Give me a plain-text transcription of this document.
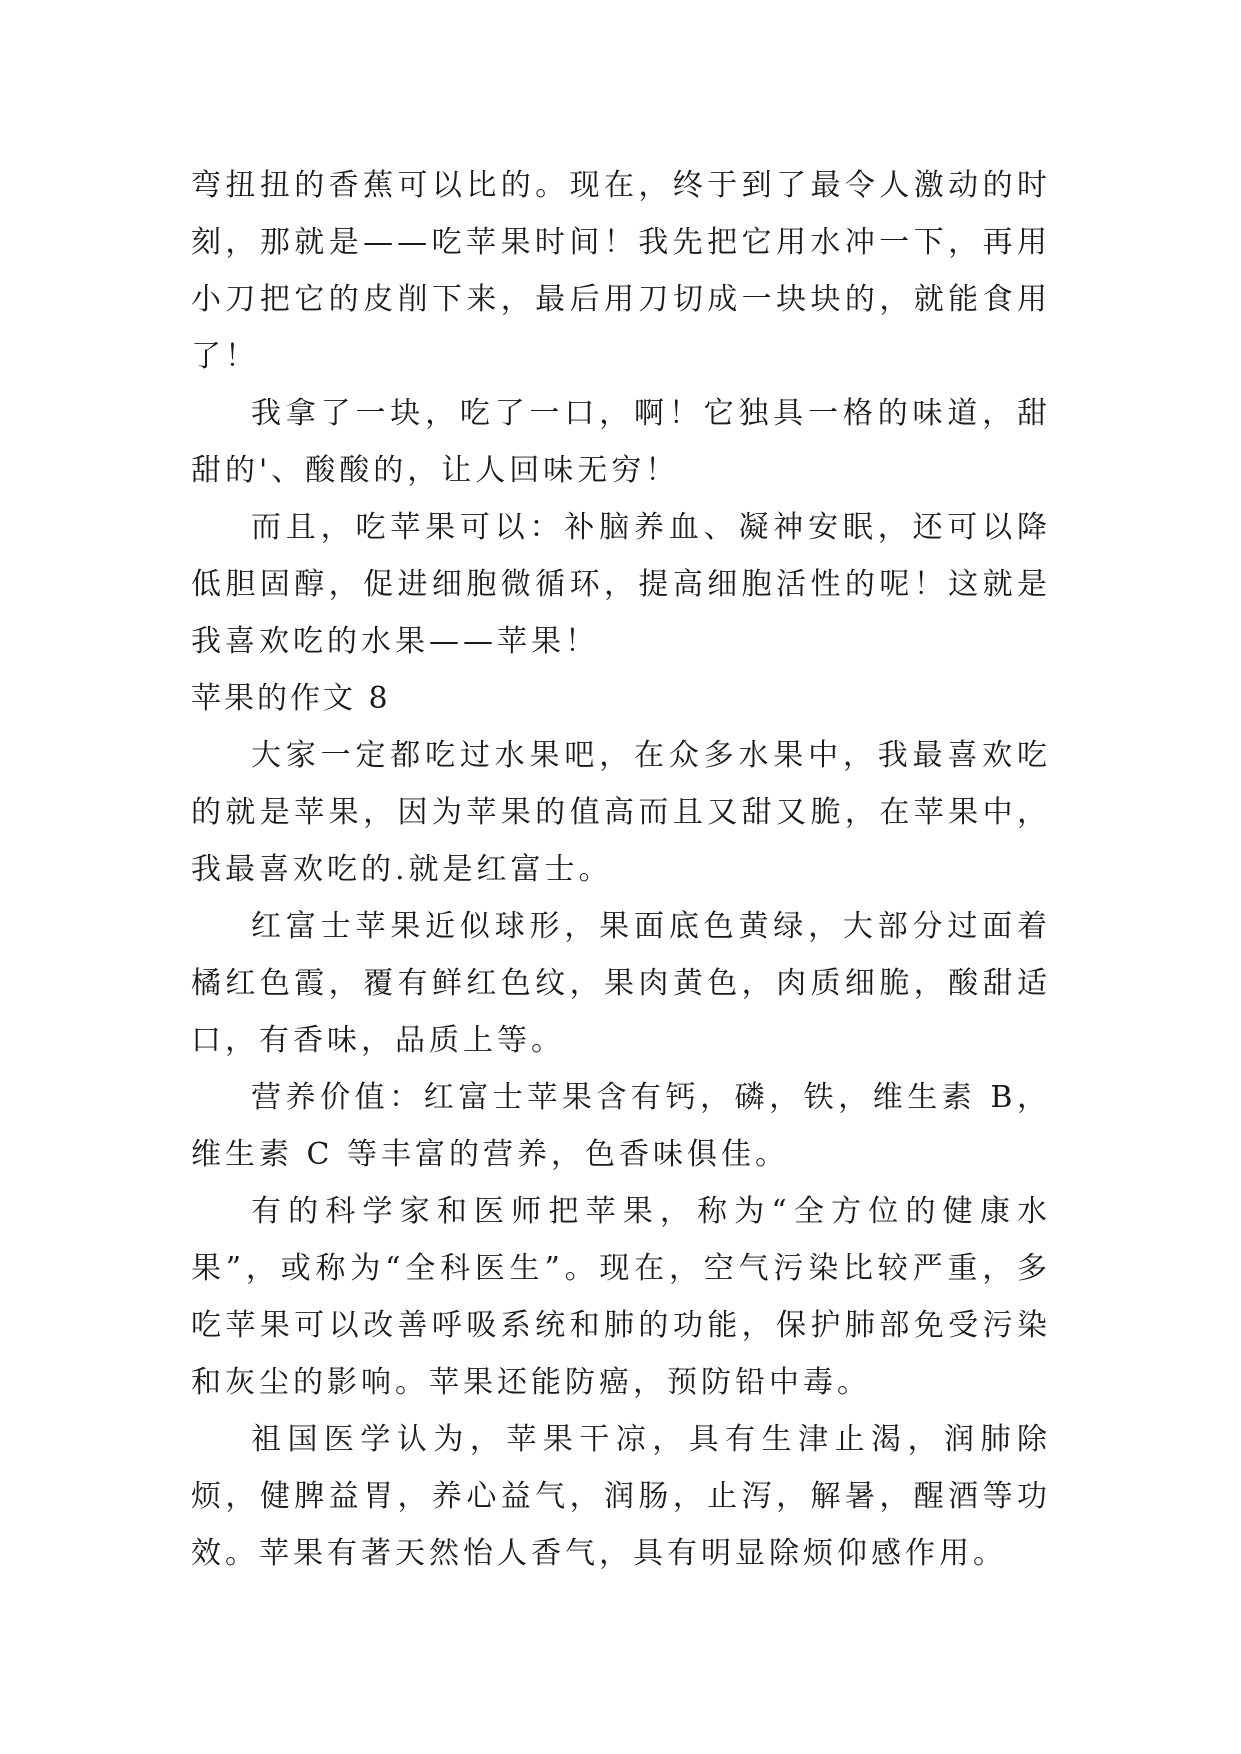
弯扭扭的香蕉可以比的。现在，终于到了最令人激动的时刻，那就是——吃苹果时间！我先把它用水冲一下，再用小刀把它的皮削下来，最后用刀切成一块块的，就能食用了！

我拿了一块，吃了一口，啊！它独具一格的味道，甜甜的'、酸酸的，让人回味无穷！

而且，吃苹果可以：补脑养血、凝神安眠，还可以降低胆固醇，促进细胞微循环，提高细胞活性的呢！这就是我喜欢吃的水果——苹果！

苹果的作文 8

大家一定都吃过水果吧，在众多水果中，我最喜欢吃的就是苹果，因为苹果的值高而且又甜又脆，在苹果中，我最喜欢吃的.就是红富士。

红富士苹果近似球形，果面底色黄绿，大部分过面着橘红色霞，覆有鲜红色纹，果肉黄色，肉质细脆，酸甜适口，有香味，品质上等。

营养价值：红富士苹果含有钙，磷，铁，维生素 B，维生素 C 等丰富的营养，色香味俱佳。

有的科学家和医师把苹果，称为“全方位的健康水果”，或称为“全科医生”。现在，空气污染比较严重，多吃苹果可以改善呼吸系统和肺的功能，保护肺部免受污染和灰尘的影响。苹果还能防癌，预防铅中毒。

祖国医学认为，苹果干凉，具有生津止渴，润肺除烦，健脾益胃，养心益气，润肠，止泻，解暑，醒酒等功效。苹果有著天然怡人香气，具有明显除烦仰感作用。
